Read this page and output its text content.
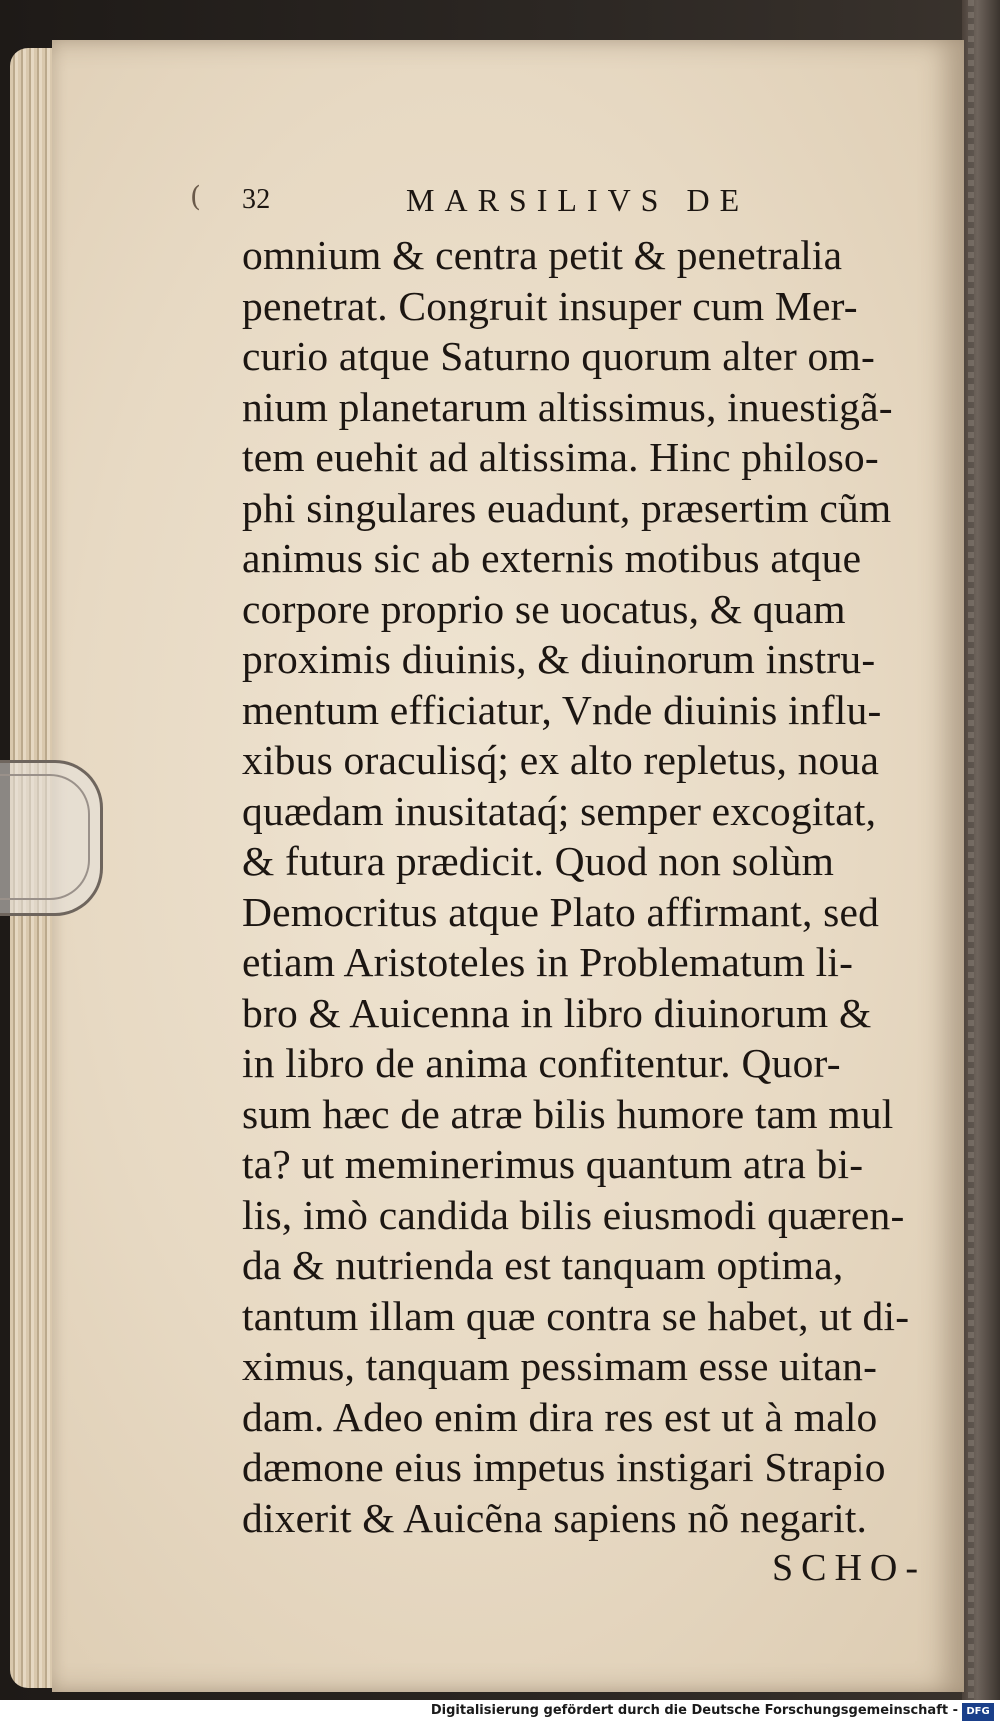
( 32	MARSILIVS DE
omnium & centra petit & penetralia
penetrat. Congruit insuper cum Mer-
curio atque Saturno quorum alter om-
nium planetarum altissimus, inuestigã-
tem euehit ad altissima. Hinc philoso-
phi singulares euadunt, præsertim cũm
animus sic ab externis motibus atque
corpore proprio se uocatus, & quam
proximis diuinis, & diuinorum instru-
mentum efficiatur, Vnde diuinis influ-
xibus oraculisq́; ex alto repletus, noua
quædam inusitataq́; semper excogitat,
& futura prædicit. Quod non solùm
Democritus atque Plato affirmant, sed
etiam Aristoteles in Problematum li-
bro & Auicenna in libro diuinorum &
in libro de anima confitentur. Quor-
sum hæc de atræ bilis humore tam mul
ta? ut meminerimus quantum atra bi-
lis, imò candida bilis eiusmodi quæren-
da & nutrienda est tanquam optima,
tantum illam quæ contra se habet, ut di-
ximus, tanquam pessimam esse uitan-
dam. Adeo enim dira res est ut à malo
dæmone eius impetus instigari Strapio
dixerit & Auicẽna sapiens nõ negarit.
SCHO-
Digitalisierung gefördert durch die Deutsche Forschungsgemeinschaft - DFG
